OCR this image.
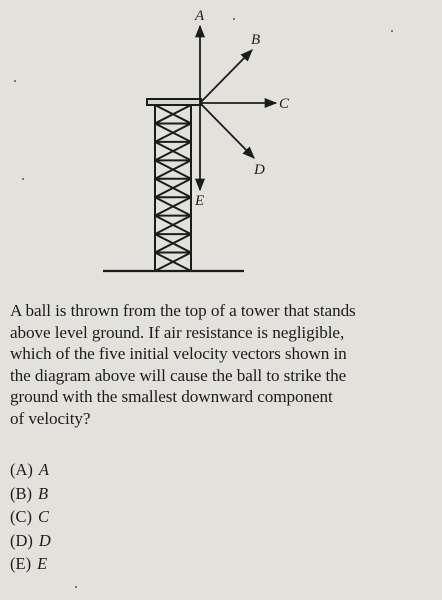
A
B
C
D
E
A ball is thrown from the top of a tower that stands
above level ground. If air resistance is negligible,
which of the five initial velocity vectors shown in
the diagram above will cause the ball to strike the
ground with the smallest downward component
of velocity?
(A) A
(B) B
(C) C
(D) D
(E) E
